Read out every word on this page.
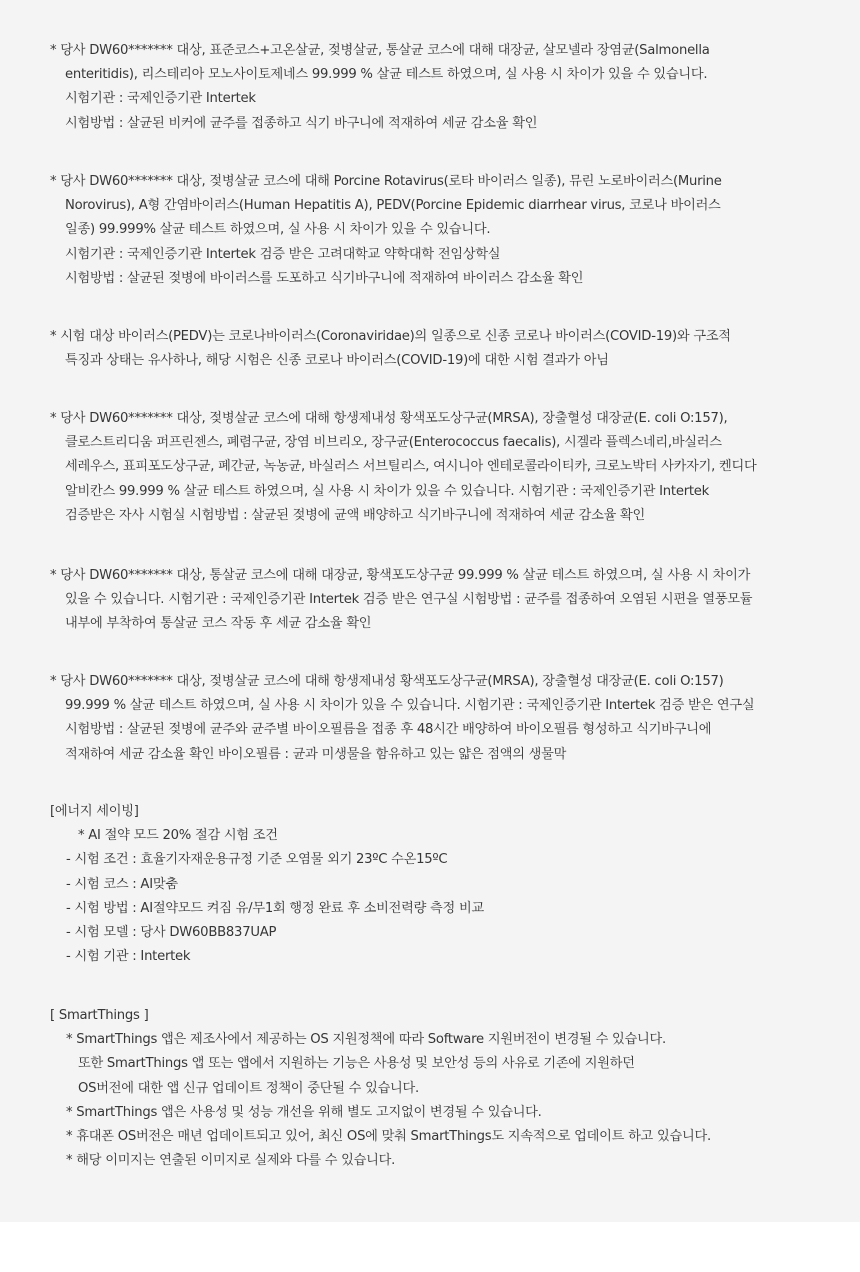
* 당사 DW60******* 대상, 표준코스+고온살균, 젖병살균, 통살균 코스에 대해 대장균, 살모넬라 장염균(Salmonella
enteritidis), 리스테리아 모노사이토제네스 99.999 % 살균 테스트 하였으며, 실 사용 시 차이가 있을 수 있습니다.
시험기관 : 국제인증기관 Intertek
시험방법 : 살균된 비커에 균주를 접종하고 식기 바구니에 적재하여 세균 감소율 확인
* 당사 DW60******* 대상, 젖병살균 코스에 대해 Porcine Rotavirus(로타 바이러스 일종), 뮤린 노로바이러스(Murine
Norovirus), A형 간염바이러스(Human Hepatitis A), PEDV(Porcine Epidemic diarrhear virus, 코로나 바이러스
일종) 99.999% 살균 테스트 하였으며, 실 사용 시 차이가 있을 수 있습니다.
시험기관 : 국제인증기관 Intertek 검증 받은 고려대학교 약학대학 전임상학실
시험방법 : 살균된 젖병에 바이러스를 도포하고 식기바구니에 적재하여 바이러스 감소율 확인
* 시험 대상 바이러스(PEDV)는 코로나바이러스(Coronaviridae)의 일종으로 신종 코로나 바이러스(COVID-19)와 구조적
특징과 상태는 유사하나, 해당 시험은 신종 코로나 바이러스(COVID-19)에 대한 시험 결과가 아님
* 당사 DW60******* 대상, 젖병살균 코스에 대해 항생제내성 황색포도상구균(MRSA), 장출혈성 대장균(E. coli O:157),
클로스트리디움 퍼프린젠스, 폐렴구균, 장염 비브리오, 장구균(Enterococcus faecalis), 시겔라 플렉스네리,바실러스
세레우스, 표피포도상구균, 폐간균, 녹농균, 바실러스 서브틸리스, 여시니아 엔테로콜라이티카, 크로노박터 사카자기, 켄디다
알비칸스 99.999 % 살균 테스트 하였으며, 실 사용 시 차이가 있을 수 있습니다. 시험기관 : 국제인증기관 Intertek
검증받은 자사 시험실 시험방법 : 살균된 젖병에 균액 배양하고 식기바구니에 적재하여 세균 감소율 확인
* 당사 DW60******* 대상, 통살균 코스에 대해 대장균, 황색포도상구균 99.999 % 살균 테스트 하였으며, 실 사용 시 차이가
있을 수 있습니다. 시험기관 : 국제인증기관 Intertek 검증 받은 연구실 시험방법 : 균주를 접종하여 오염된 시편을 열풍모듈
내부에 부착하여 통살균 코스 작동 후 세균 감소율 확인
* 당사 DW60******* 대상, 젖병살균 코스에 대해 항생제내성 황색포도상구균(MRSA), 장출혈성 대장균(E. coli O:157)
99.999 % 살균 테스트 하였으며, 실 사용 시 차이가 있을 수 있습니다. 시험기관 : 국제인증기관 Intertek 검증 받은 연구실
시험방법 : 살균된 젖병에 균주와 균주별 바이오필름을 접종 후 48시간 배양하여 바이오필름 형성하고 식기바구니에
적재하여 세균 감소율 확인 바이오필름 : 균과 미생물을 함유하고 있는 얇은 점액의 생물막
[에너지 세이빙]
* AI 절약 모드 20% 절감 시험 조건
- 시험 조건 : 효율기자재운용규정 기준 오염물 외기 23ºC 수온15ºC
- 시험 코스 : AI맞춤
- 시험 방법 : AI절약모드 켜짐 유/무1회 행정 완료 후 소비전력량 측정 비교
- 시험 모델 : 당사 DW60BB837UAP
- 시험 기관 : Intertek
[ SmartThings ]
* SmartThings 앱은 제조사에서 제공하는 OS 지원정책에 따라 Software 지원버전이 변경될 수 있습니다.
또한 SmartThings 앱 또는 앱에서 지원하는 기능은 사용성 및 보안성 등의 사유로 기존에 지원하던
OS버전에 대한 앱 신규 업데이트 정책이 중단될 수 있습니다.
* SmartThings 앱은 사용성 및 성능 개선을 위해 별도 고지없이 변경될 수 있습니다.
* 휴대폰 OS버전은 매년 업데이트되고 있어, 최신 OS에 맞춰 SmartThings도 지속적으로 업데이트 하고 있습니다.
* 해당 이미지는 연출된 이미지로 실제와 다를 수 있습니다.
